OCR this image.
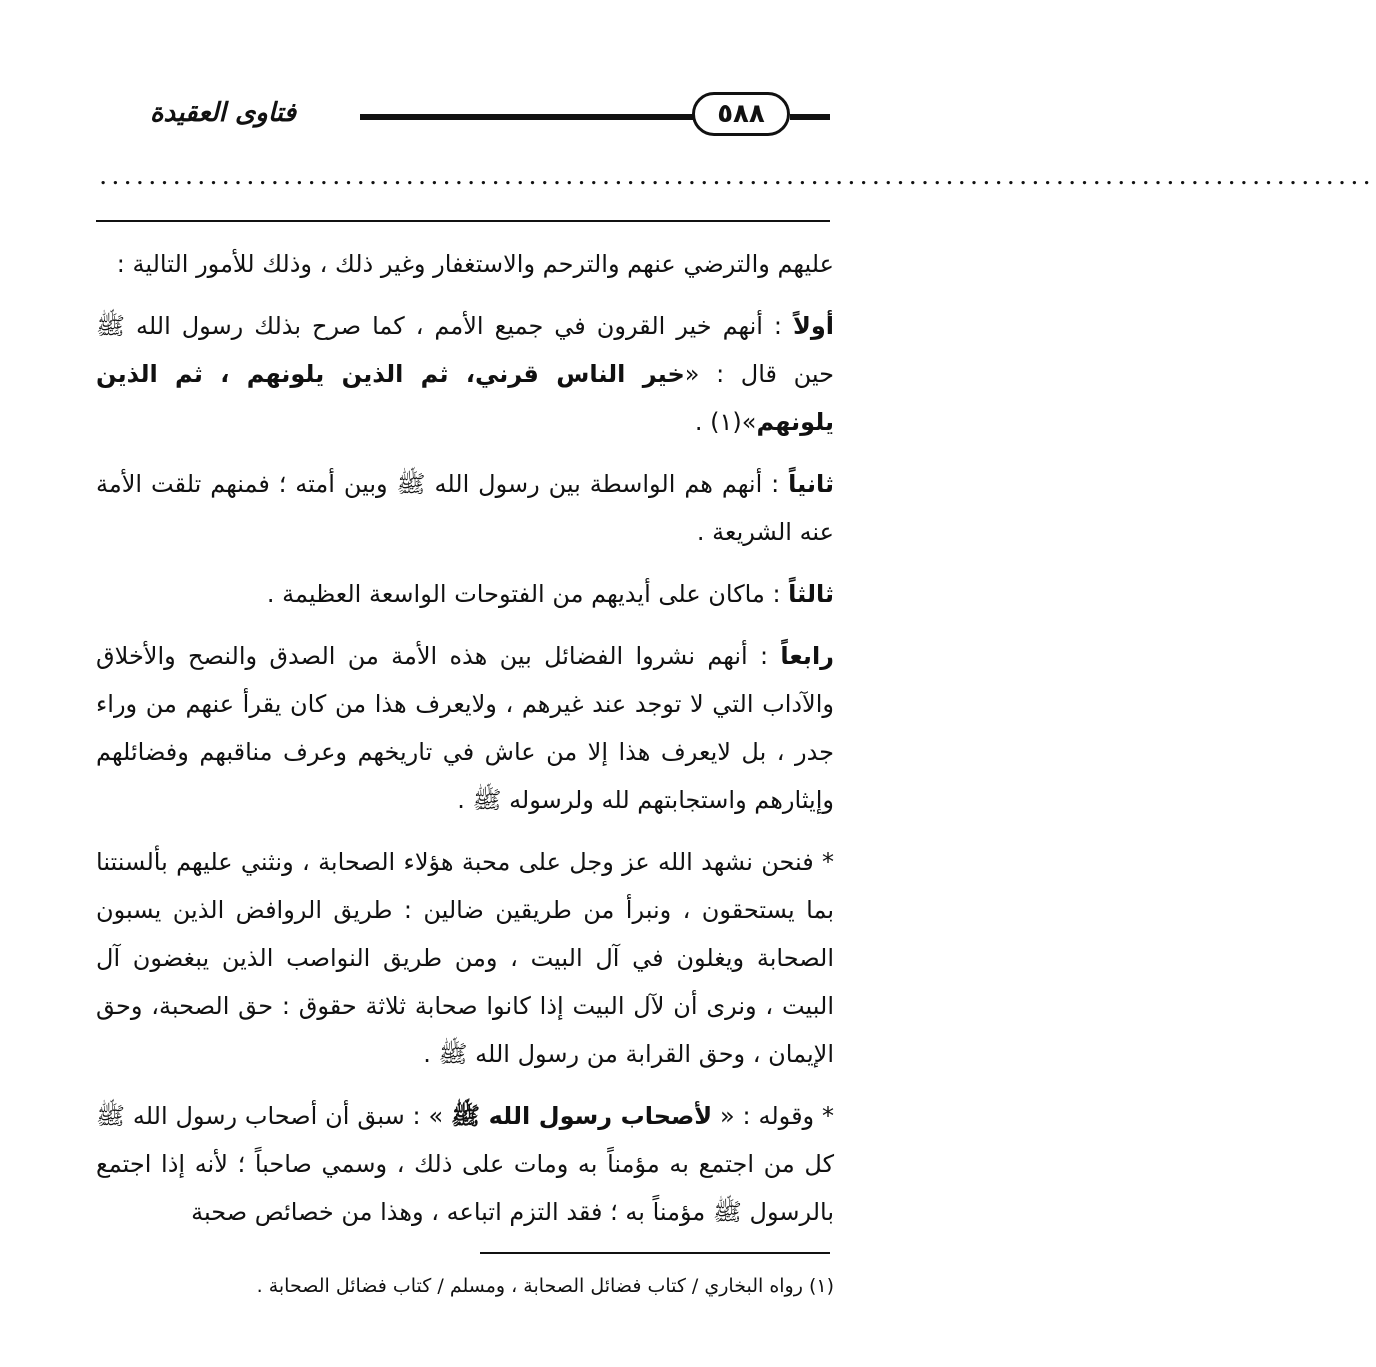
فتاوى العقيدة	٥٨٨
........................................................................................................

عليهم والترضي عنهم والترحم والاستغفار وغير ذلك ، وذلك للأمور التالية :

أولاً : أنهم خير القرون في جميع الأمم ، كما صرح بذلك رسول الله ﷺ حين قال : «خير الناس قرني، ثم الذين يلونهم ، ثم الذين يلونهم»(١) .

ثانياً : أنهم هم الواسطة بين رسول الله ﷺ وبين أمته ؛ فمنهم تلقت الأمة عنه الشريعة .

ثالثاً : ماكان على أيديهم من الفتوحات الواسعة العظيمة .

رابعاً : أنهم نشروا الفضائل بين هذه الأمة من الصدق والنصح والأخلاق والآداب التي لا توجد عند غيرهم ، ولايعرف هذا من كان يقرأ عنهم من وراء جدر ، بل لايعرف هذا إلا من عاش في تاريخهم وعرف مناقبهم وفضائلهم وإيثارهم واستجابتهم لله ولرسوله ﷺ .

* فنحن نشهد الله عز وجل على محبة هؤلاء الصحابة ، ونثني عليهم بألسنتنا بما يستحقون ، ونبرأ من طريقين ضالين : طريق الروافض الذين يسبون الصحابة ويغلون في آل البيت ، ومن طريق النواصب الذين يبغضون آل البيت ، ونرى أن لآل البيت إذا كانوا صحابة ثلاثة حقوق : حق الصحبة، وحق الإيمان ، وحق القرابة من رسول الله ﷺ .

* وقوله : « لأصحاب رسول الله ﷺ » : سبق أن أصحاب رسول الله ﷺ كل من اجتمع به مؤمناً به ومات على ذلك ، وسمي صاحباً ؛ لأنه إذا اجتمع بالرسول ﷺ مؤمناً به ؛ فقد التزم اتباعه ، وهذا من خصائص صحبة

(١) رواه البخاري / كتاب فضائل الصحابة ، ومسلم / كتاب فضائل الصحابة .
